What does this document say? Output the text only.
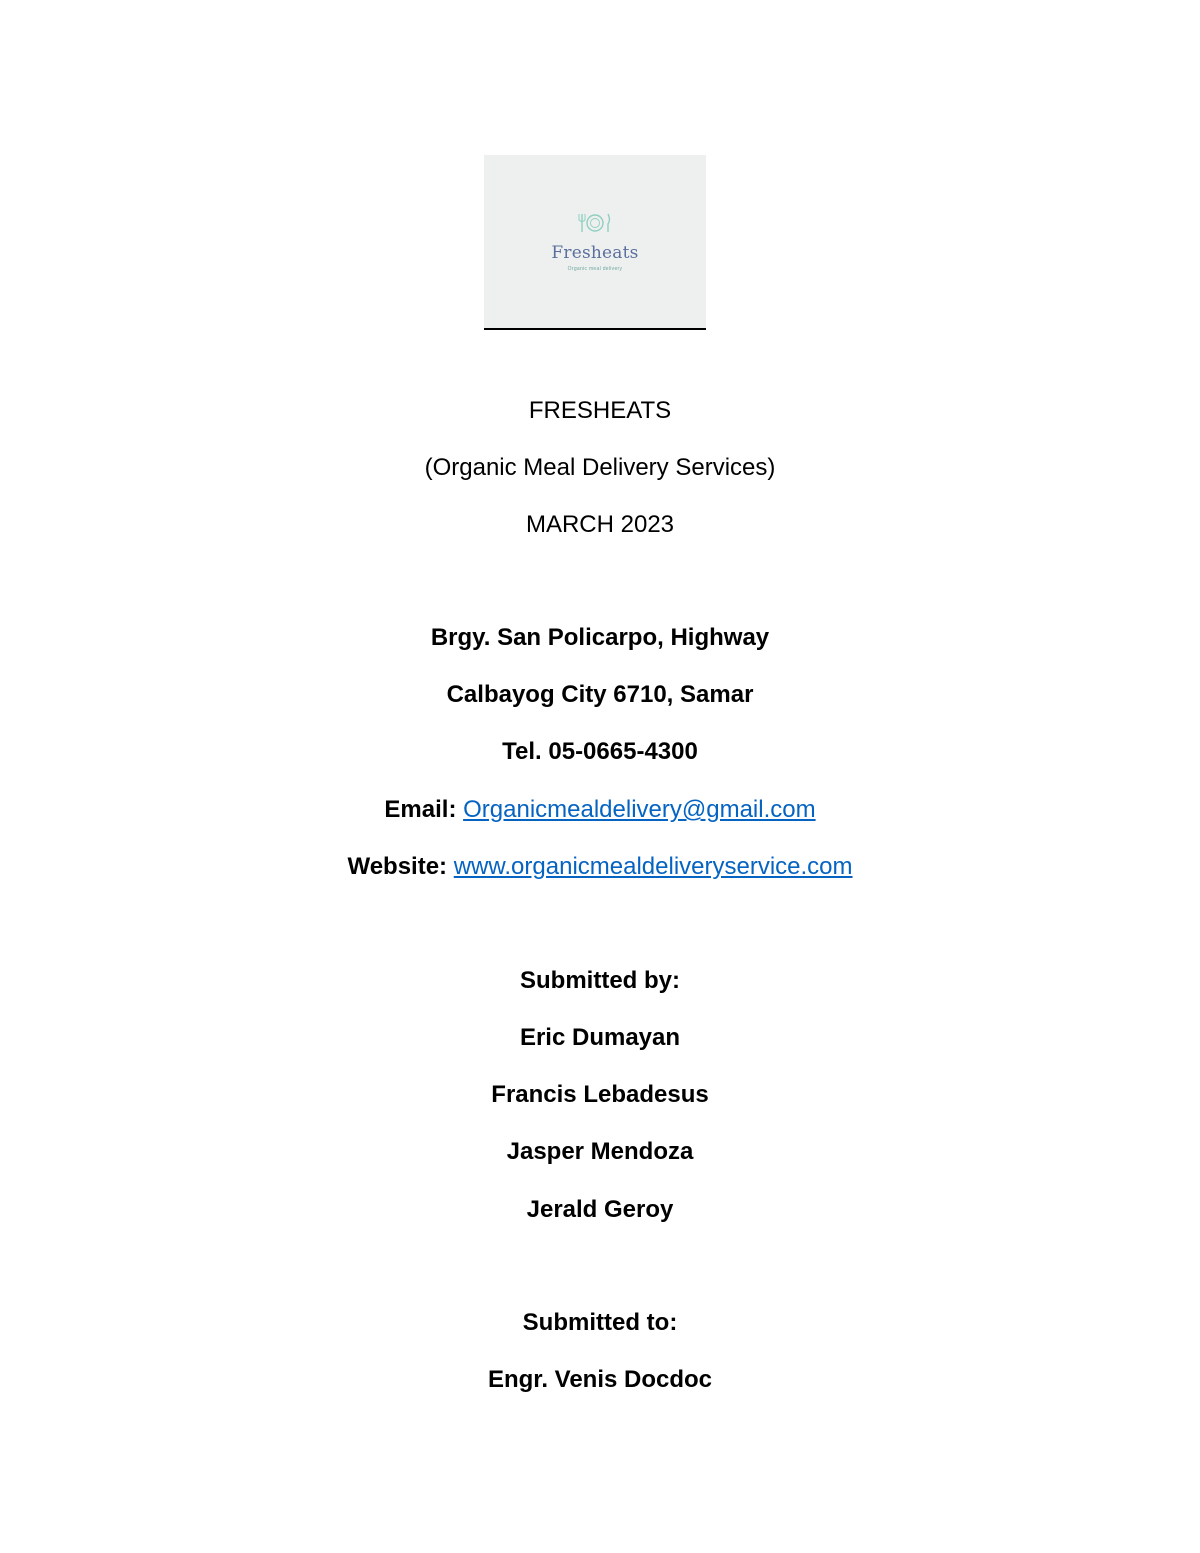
Fresheats
Organic meal delivery
FRESHEATS
(Organic Meal Delivery Services)
MARCH 2023
Brgy. San Policarpo, Highway
Calbayog City 6710, Samar
Tel. 05-0665-4300
Email: Organicmealdelivery@gmail.com
Website: www.organicmealdeliveryservice.com
Submitted by:
Eric Dumayan
Francis Lebadesus
Jasper Mendoza
Jerald Geroy
Submitted to:
Engr. Venis Docdoc
